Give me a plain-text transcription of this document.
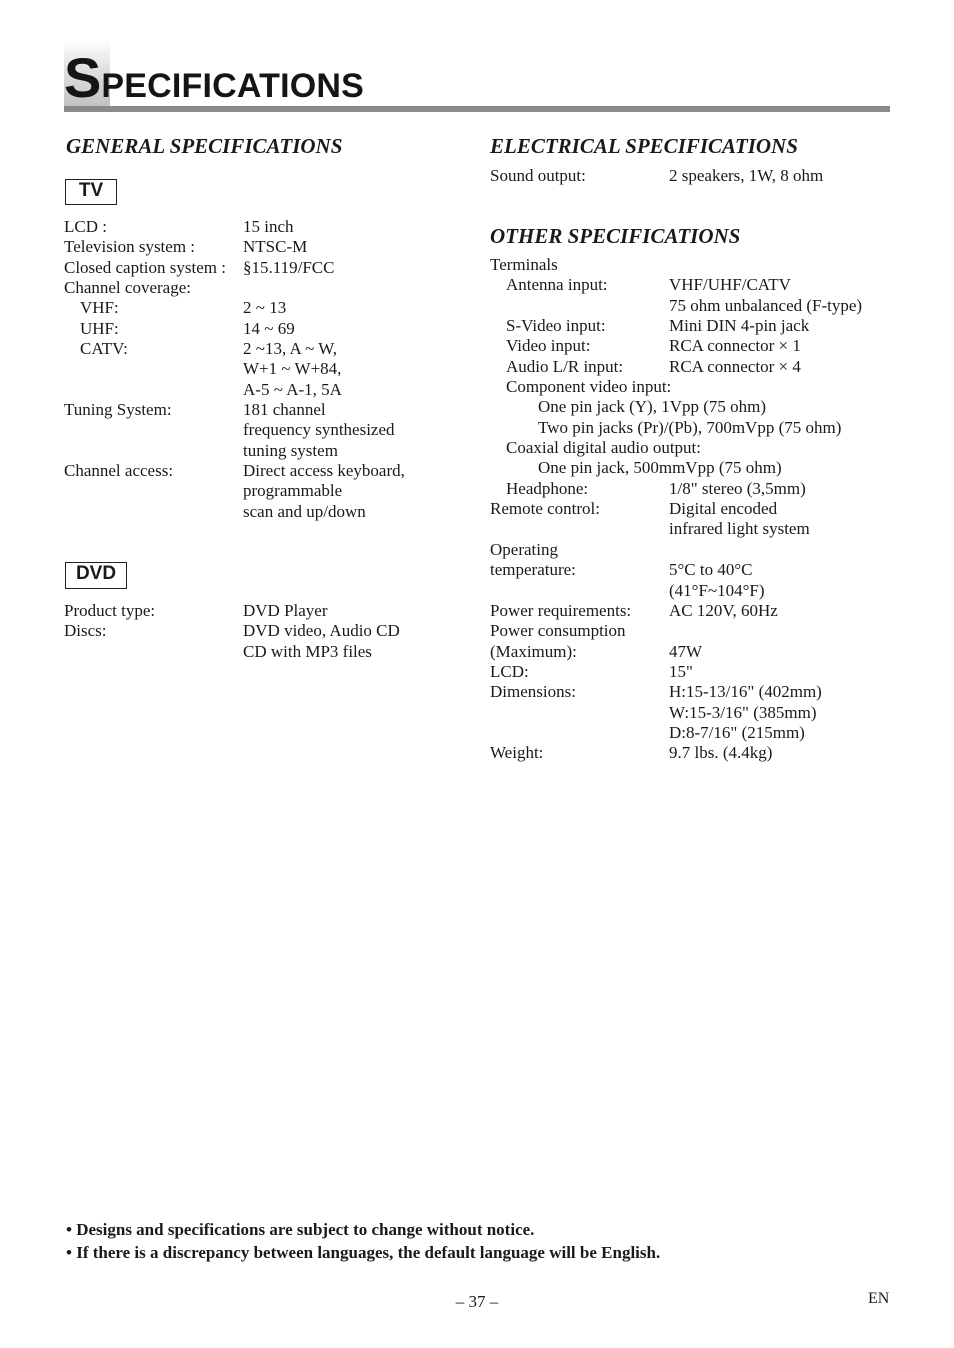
SPECIFICATIONS
GENERAL SPECIFICATIONS
TV
LCD :	15 inch
Television system :	NTSC-M
Closed caption system : §15.119/FCC
Channel coverage:
VHF:	2 ~ 13
UHF:	14 ~ 69
CATV:	2 ~13, A ~ W,
W+1 ~ W+84,
A-5 ~ A-1, 5A
Tuning System:	181 channel
frequency synthesized
tuning system
Channel access:	Direct access keyboard,
programmable
scan and up/down
DVD
Product type:	DVD Player
Discs:	DVD video, Audio CD
CD with MP3 files
ELECTRICAL SPECIFICATIONS
Sound output:	2 speakers, 1W, 8 ohm
OTHER SPECIFICATIONS
Terminals
Antenna input:	VHF/UHF/CATV
75 ohm unbalanced (F-type)
S-Video input:	Mini DIN 4-pin jack
Video input:	RCA connector × 1
Audio L/R input:	RCA connector × 4
Component video input:
One pin jack (Y), 1Vpp (75 ohm)
Two pin jacks (Pr)/(Pb), 700mVpp (75 ohm)
Coaxial digital audio output:
One pin jack, 500mmVpp (75 ohm)
Headphone:	1/8" stereo (3,5mm)
Remote control:	Digital encoded
infrared light system
Operating
temperature:	5°C to 40°C
(41°F~104°F)
Power requirements: AC 120V, 60Hz
Power consumption
(Maximum):	47W
LCD:	15"
Dimensions:	H:15-13/16" (402mm)
W:15-3/16" (385mm)
D:8-7/16" (215mm)
Weight:	9.7 lbs. (4.4kg)
• Designs and specifications are subject to change without notice.
• If there is a discrepancy between languages, the default language will be English.
– 37 –	EN
